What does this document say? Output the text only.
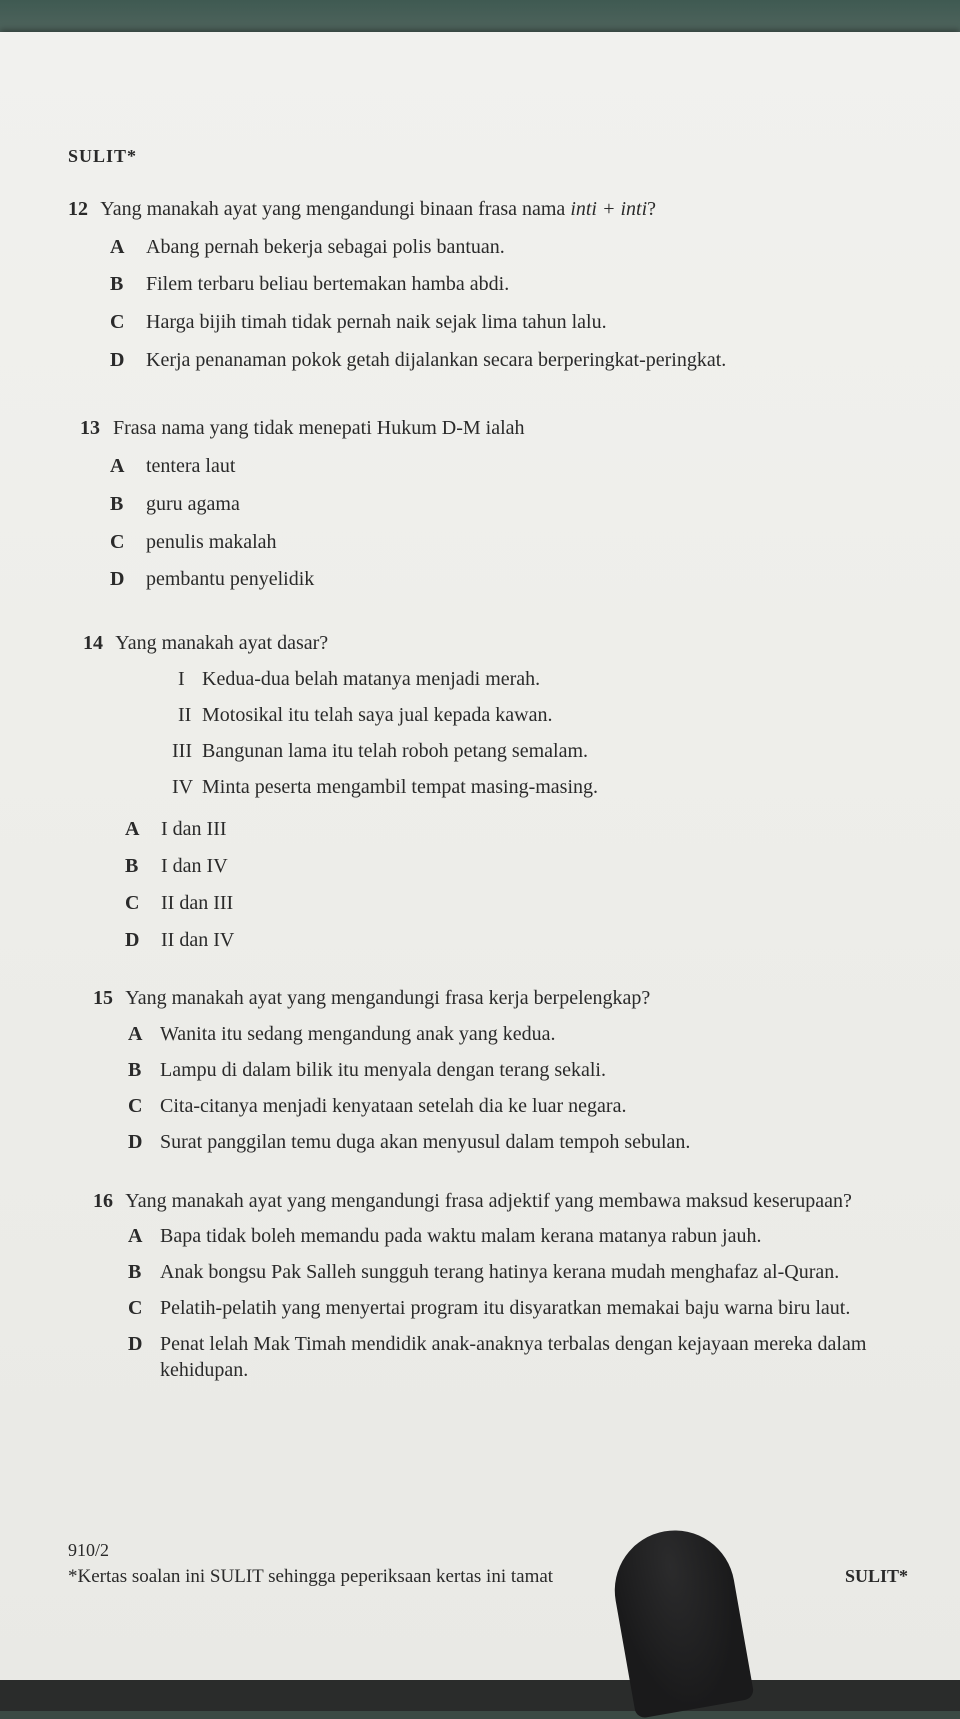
SULIT*
12 Yang manakah ayat yang mengandungi binaan frasa nama inti + inti?
A Abang pernah bekerja sebagai polis bantuan.
B Filem terbaru beliau bertemakan hamba abdi.
C Harga bijih timah tidak pernah naik sejak lima tahun lalu.
D Kerja penanaman pokok getah dijalankan secara berperingkat-peringkat.
13 Frasa nama yang tidak menepati Hukum D-M ialah
A tentera laut
B guru agama
C penulis makalah
D pembantu penyelidik
14 Yang manakah ayat dasar?
I Kedua-dua belah matanya menjadi merah.
II Motosikal itu telah saya jual kepada kawan.
III Bangunan lama itu telah roboh petang semalam.
IV Minta peserta mengambil tempat masing-masing.
A I dan III
B I dan IV
C II dan III
D II dan IV
15 Yang manakah ayat yang mengandungi frasa kerja berpelengkap?
A Wanita itu sedang mengandung anak yang kedua.
B Lampu di dalam bilik itu menyala dengan terang sekali.
C Cita-citanya menjadi kenyataan setelah dia ke luar negara.
D Surat panggilan temu duga akan menyusul dalam tempoh sebulan.
16 Yang manakah ayat yang mengandungi frasa adjektif yang membawa maksud keserupaan?
A Bapa tidak boleh memandu pada waktu malam kerana matanya rabun jauh.
B Anak bongsu Pak Salleh sungguh terang hatinya kerana mudah menghafaz al-Quran.
C Pelatih-pelatih yang menyertai program itu disyaratkan memakai baju warna biru laut.
D Penat lelah Mak Timah mendidik anak-anaknya terbalas dengan kejayaan mereka dalam kehidupan.
910/2
*Kertas soalan ini SULIT sehingga peperiksaan kertas ini tamat	SULIT*
